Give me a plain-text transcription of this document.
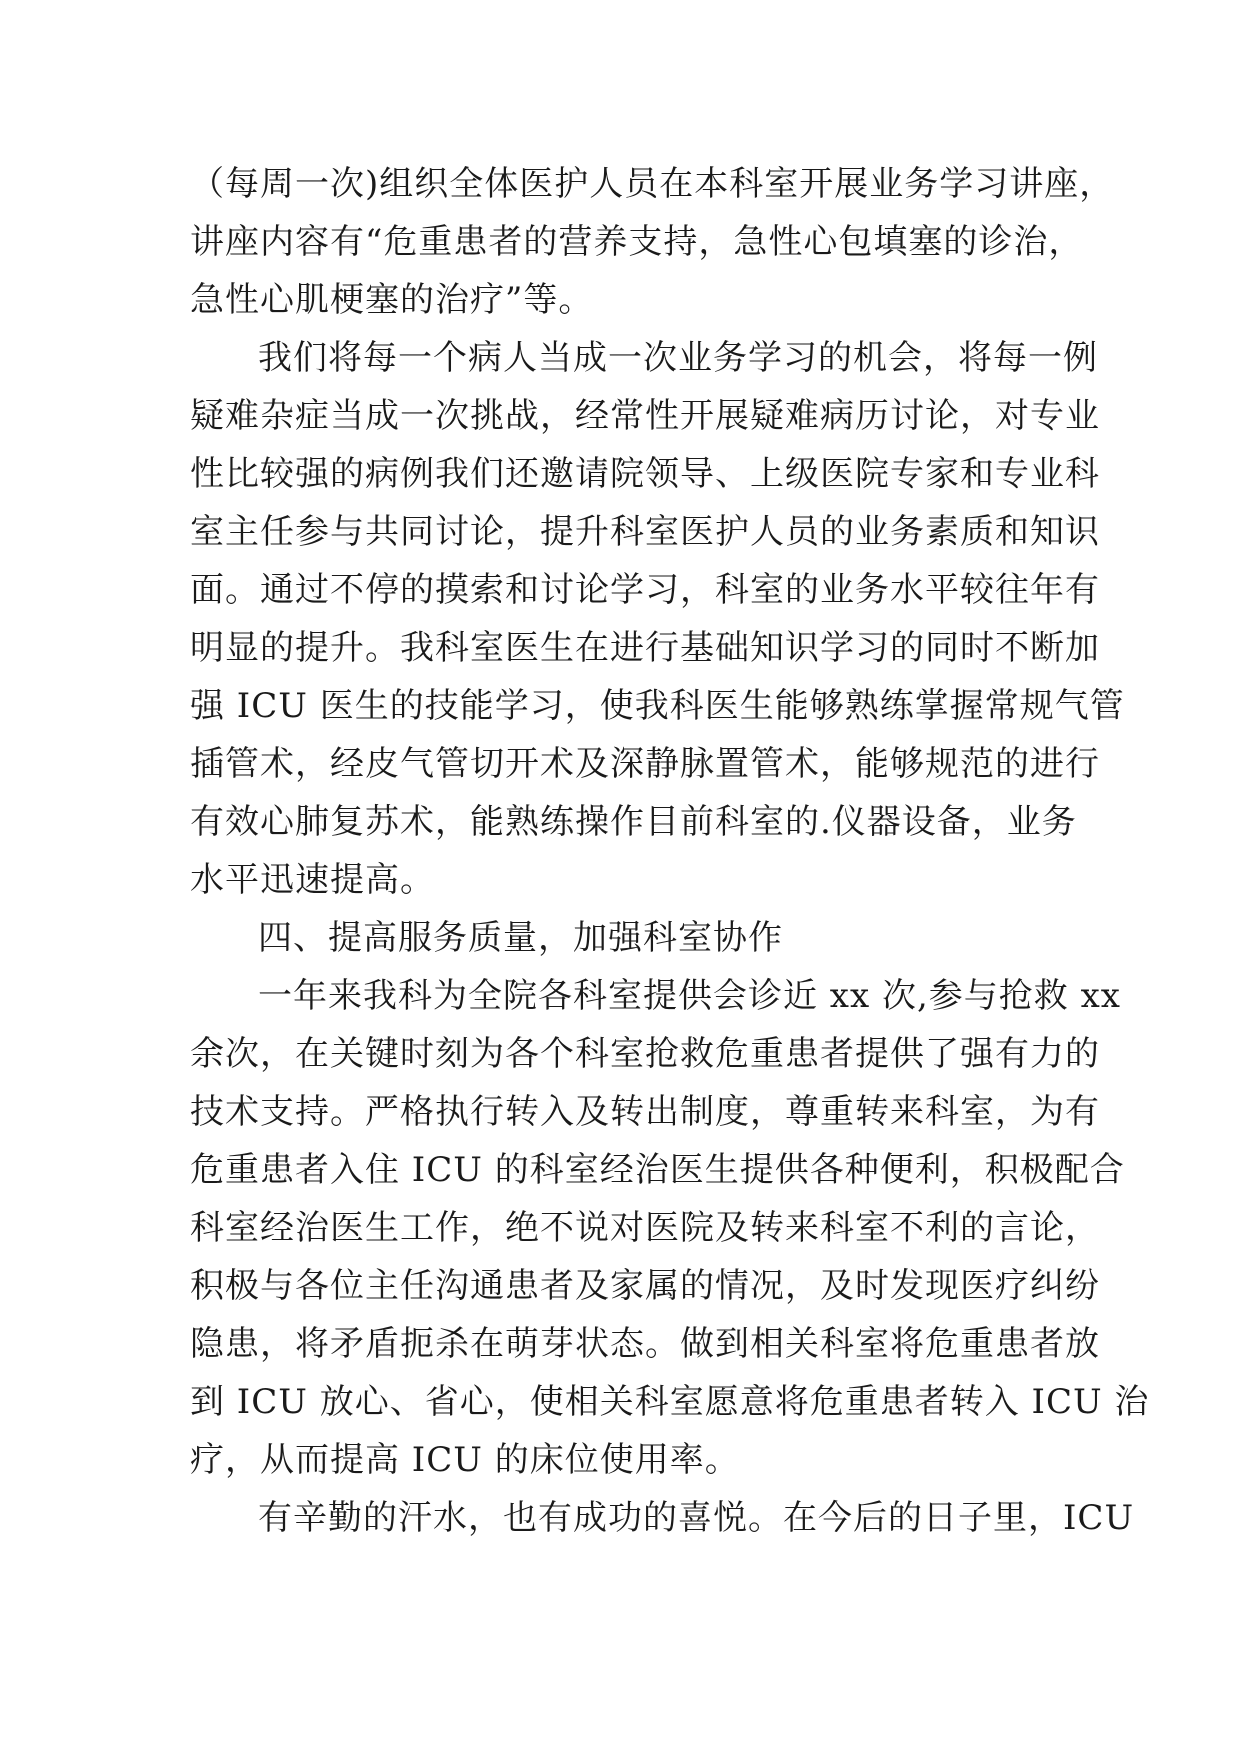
（每周一次)组织全体医护人员在本科室开展业务学习讲座，
讲座内容有“危重患者的营养支持，急性心包填塞的诊治，
急性心肌梗塞的治疗”等。
我们将每一个病人当成一次业务学习的机会，将每一例
疑难杂症当成一次挑战，经常性开展疑难病历讨论，对专业
性比较强的病例我们还邀请院领导、上级医院专家和专业科
室主任参与共同讨论，提升科室医护人员的业务素质和知识
面。通过不停的摸索和讨论学习，科室的业务水平较往年有
明显的提升。我科室医生在进行基础知识学习的同时不断加
强 ICU 医生的技能学习，使我科医生能够熟练掌握常规气管
插管术，经皮气管切开术及深静脉置管术，能够规范的进行
有效心肺复苏术，能熟练操作目前科室的.仪器设备，业务
水平迅速提高。
四、提高服务质量，加强科室协作
一年来我科为全院各科室提供会诊近 xx 次,参与抢救 xx
余次，在关键时刻为各个科室抢救危重患者提供了强有力的
技术支持。严格执行转入及转出制度，尊重转来科室，为有
危重患者入住 ICU 的科室经治医生提供各种便利，积极配合
科室经治医生工作，绝不说对医院及转来科室不利的言论，
积极与各位主任沟通患者及家属的情况，及时发现医疗纠纷
隐患，将矛盾扼杀在萌芽状态。做到相关科室将危重患者放
到 ICU 放心、省心，使相关科室愿意将危重患者转入 ICU 治
疗，从而提高 ICU 的床位使用率。
有辛勤的汗水，也有成功的喜悦。在今后的日子里，ICU
